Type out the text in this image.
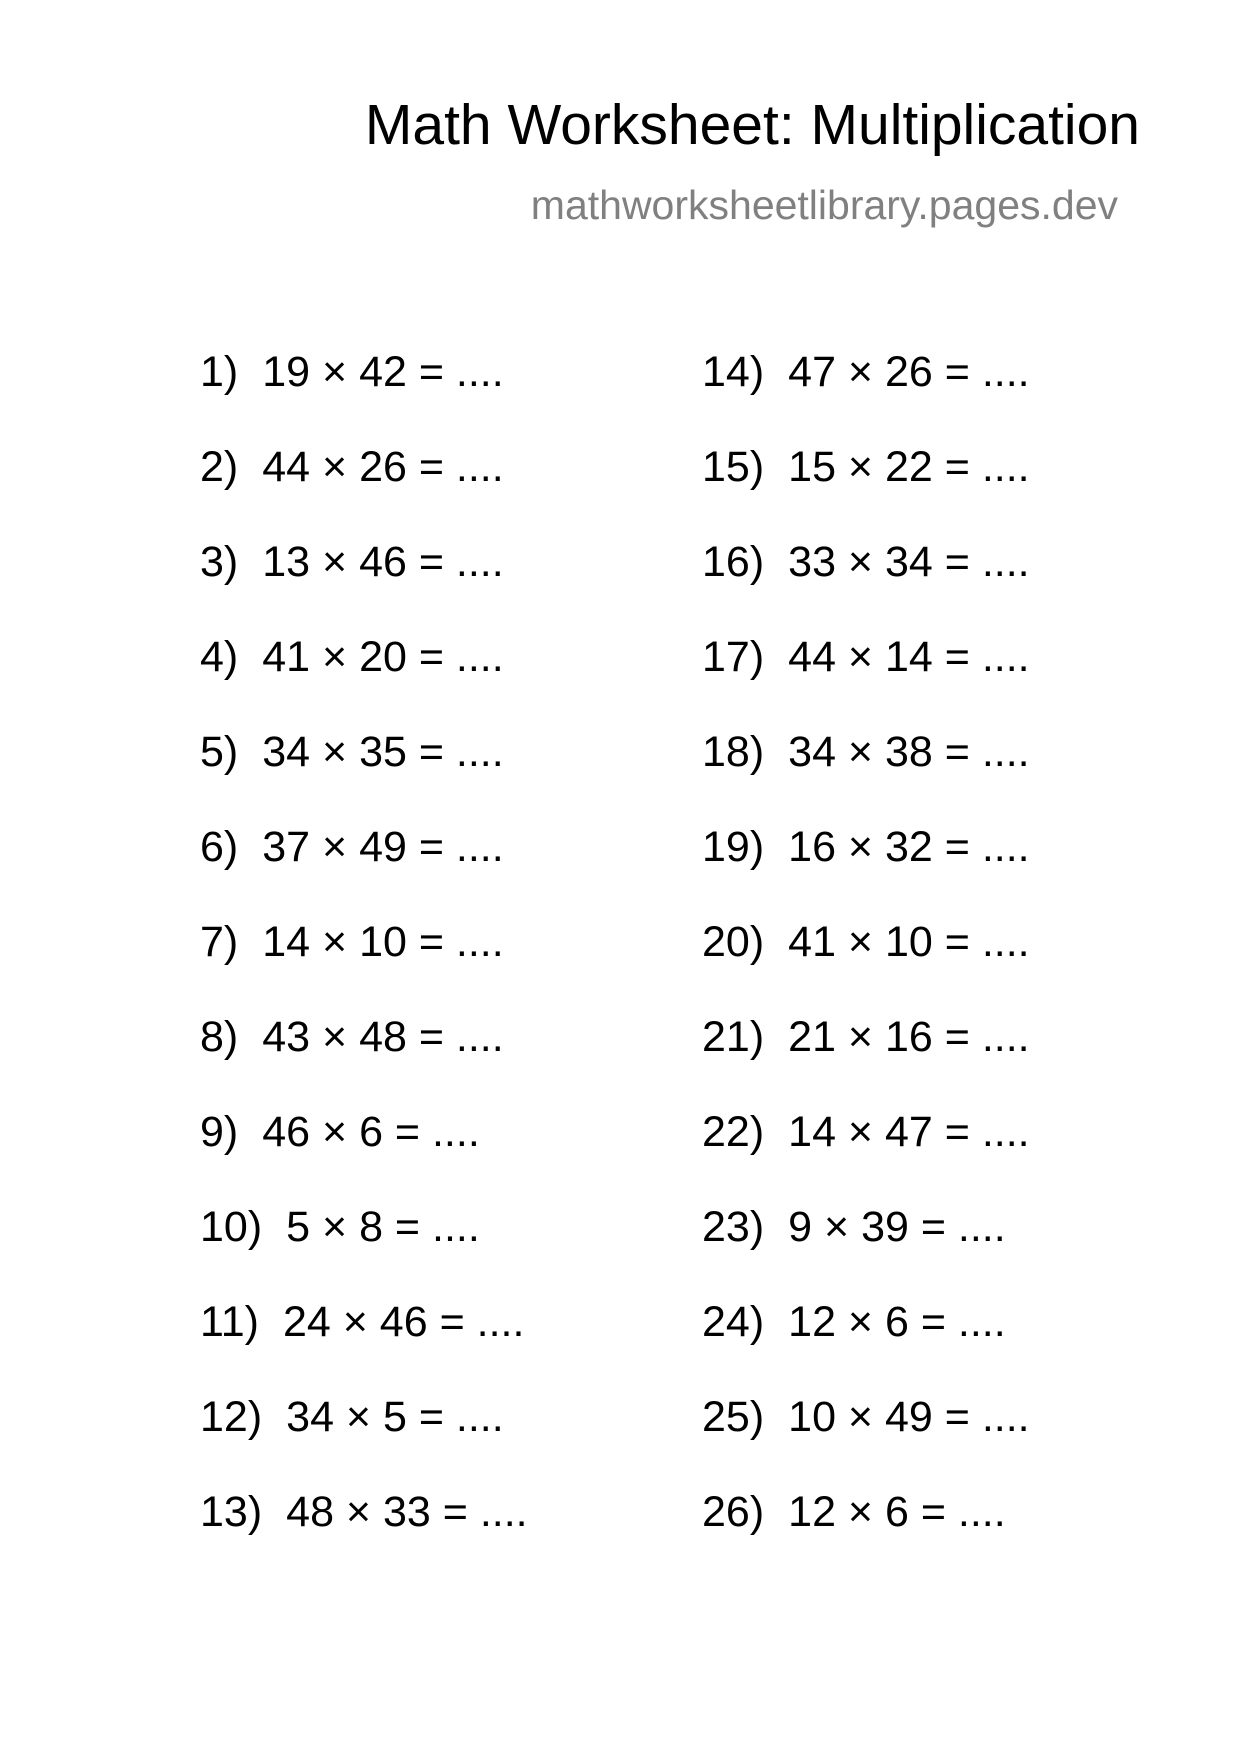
Math Worksheet: Multiplication
mathworksheetlibrary.pages.dev
1) 19 × 42 = ....
2) 44 × 26 = ....
3) 13 × 46 = ....
4) 41 × 20 = ....
5) 34 × 35 = ....
6) 37 × 49 = ....
7) 14 × 10 = ....
8) 43 × 48 = ....
9) 46 × 6 = ....
10) 5 × 8 = ....
11) 24 × 46 = ....
12) 34 × 5 = ....
13) 48 × 33 = ....
14) 47 × 26 = ....
15) 15 × 22 = ....
16) 33 × 34 = ....
17) 44 × 14 = ....
18) 34 × 38 = ....
19) 16 × 32 = ....
20) 41 × 10 = ....
21) 21 × 16 = ....
22) 14 × 47 = ....
23) 9 × 39 = ....
24) 12 × 6 = ....
25) 10 × 49 = ....
26) 12 × 6 = ....
